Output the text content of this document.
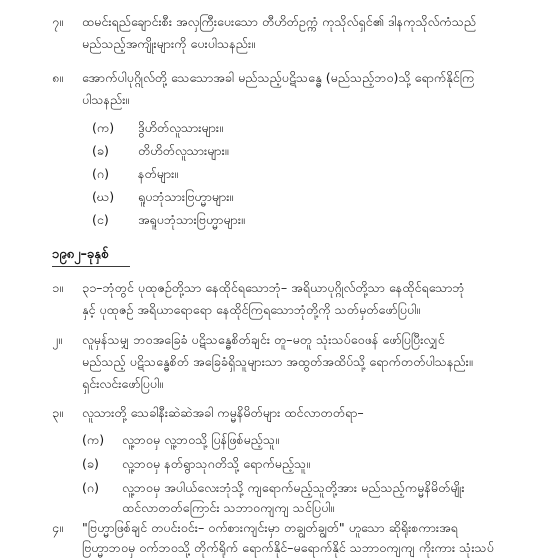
၇။ ထမင်းရည်ချောင်းစီး အလှကြီးပေးသော တီဟိတ်ဥက္ကံ ကုသိုလ်ရှင်၏ ဒါနကုသိုလ်ကံသည်
မည်သည့်အကျိုးများကို ပေးပါသနည်း။
၈။ အောက်ပါပုဂ္ဂိုလ်တို့ သေသောအခါ မည်သည့်ပဋိသန္ဓေ (မည်သည့်ဘဝ)သို့ ရောက်နိုင်ကြ
ပါသနည်း။
(က) ဒွိဟိတ်လူသားများ။
(ခ) တိဟိတ်လူသားများ။
(ဂ) နတ်များ။
(ဃ) ရူပဘုံသားဗြဟ္မာများ။
(င) အရူပဘုံသားဗြဟ္မာများ။
၁၉၈၂–ခုနှစ်
၁။ ၃၁–ဘုံတွင် ပုထုဇဉ်တို့သာ နေထိုင်ရသောဘုံ– အရိယာပုဂ္ဂိုလ်တို့သာ နေထိုင်ရသောဘုံ
နှင့် ပုထုဇဉ် အရိယာရောရော နေထိုင်ကြရသောဘုံတို့ကို သတ်မှတ်ဖော်ပြပါ။
၂။ လူမှန်သမျှ ဘဝအခြေခံ ပဋိသန္ဓေစိတ်ချင်း တူ–မတူ သုံးသပ်ဝေဖန် ဖော်ပြပြီးလျှင်
မည်သည့် ပဋိသန္ဓေစိတ် အခြေခံရှိသူများသာ အထွတ်အထိပ်သို့ ရောက်တတ်ပါသနည်း။
ရှင်းလင်းဖော်ပြပါ။
၃။ လူသားတို့ သေခါနီးဆဲဆဲအခါ ကမ္မနိမိတ်များ ထင်လာတတ်ရာ–
(က) လူ့ဘဝမှ လူ့ဘဝသို့ ပြန်ဖြစ်မည့်သူ။
(ခ) လူ့ဘဝမှ နတ်ရွာသုဂတိသို့ ရောက်မည့်သူ။
(ဂ) လူ့ဘဝမှ အပါယ်လေးဘုံသို့ ကျရောက်မည့်သူတို့အား မည်သည့်ကမ္မနိမိတ်မျိုး
ထင်လာတတ်ကြောင်း သဘာဝကျကျ သင်ပြပါ။
၄။ "ဗြဟ္မာဖြစ်ချင် တပင်းဝင်း– ဝက်စားကျင်းမှာ တချွတ်ချွတ်" ဟူသော ဆိုရိုးစကားအရ
ဗြဟ္မာဘဝမှ ဝက်ဘဝသို့ တိုက်ရိုက် ရောက်နိုင်–မရောက်နိုင် သဘာဝကျကျ ကိုးကား သုံးသပ်
